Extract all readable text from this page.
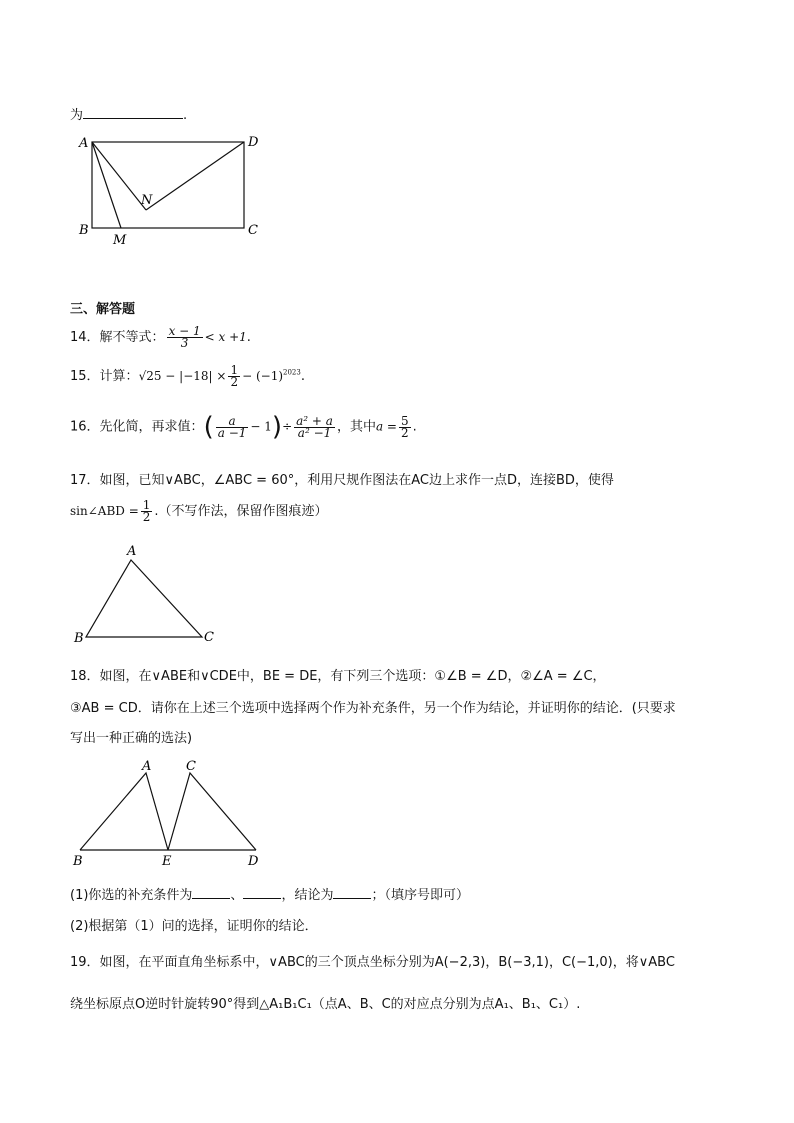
为	.
A	D
B	C
M
N
三、解答题
14．解不等式： $\frac{x - 1}{3} < x +1$.
15．计算：$√25 - |-18| \times \frac{1}{2} - (-1)^{2023}$.
16．先化简，再求值：( $\frac{a}{a -1} - 1)\div \frac{\text{a² + a}}{\text{a² −1}}$ ，其中$a = \frac{5}{2}$ .
17．如图，已知∨ABC，∠ABC = 60°，利用尺规作图法在AC边上求作一点D，连接BD，使得
sin∠ABD = $\frac{1}{2}$ .（不写作法，保留作图痕迹）
A
B	C
18．如图，在∨ABE和∨CDE中，BE = DE，有下列三个选项：①∠B = ∠D，②∠A = ∠C，
③AB = CD．请你在上述三个选项中选择两个作为补充条件，另一个作为结论，并证明你的结论．(只要求
写出一种正确的选法)
A	C
B	E	D
(1)你选的补充条件为	、	，结论为	；（填序号即可）
(2)根据第（1）问的选择，证明你的结论．
19．如图，在平面直角坐标系中，∨ABC的三个顶点坐标分别为A(−2,3)，B(−3,1)，C(−1,0)，将∨ABC
绕坐标原点O逆时针旋转90°得到△A₁B₁C₁（点A、B、C的对应点分别为点A₁、B₁、C₁）.
